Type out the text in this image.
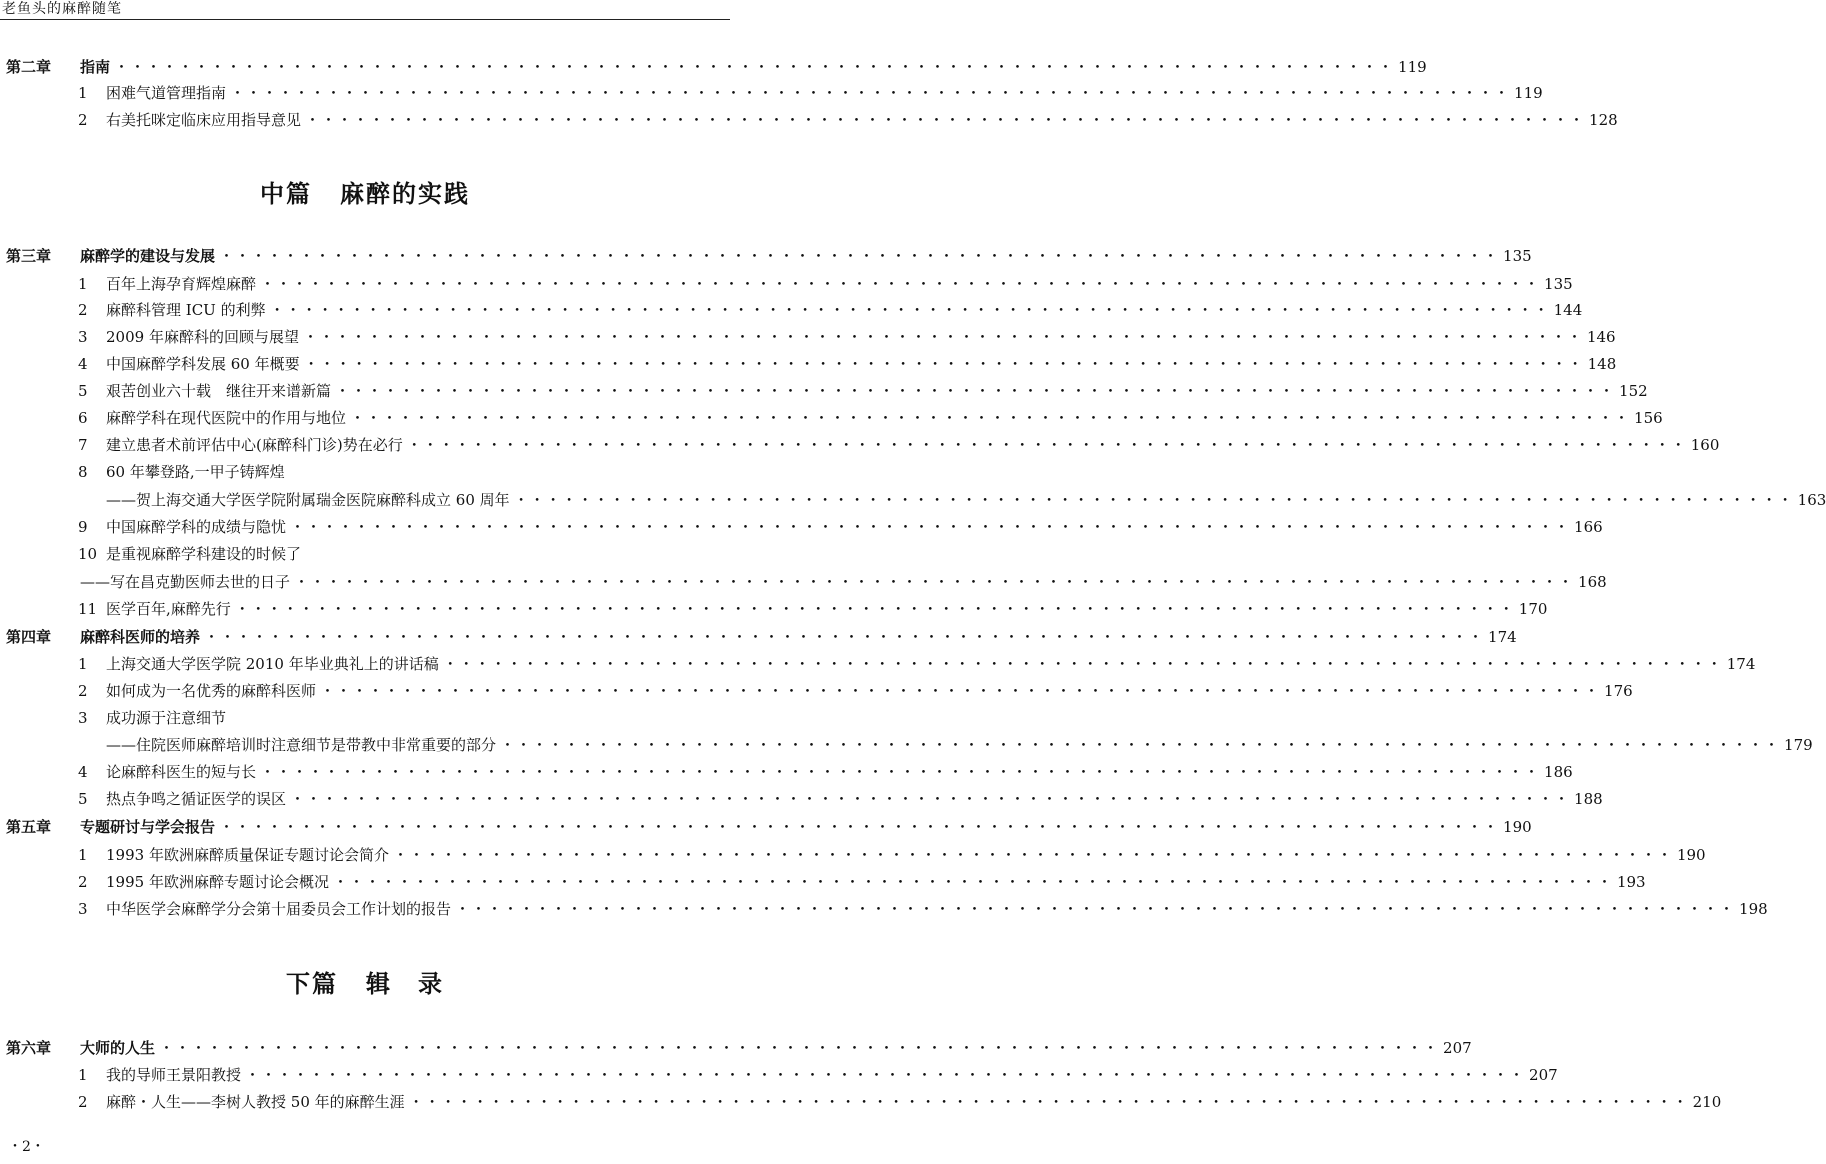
老鱼头的麻醉随笔
中篇 麻醉的实践
下篇 辑　录
第二章	指南 ・・・・・・・・・・・・・・・・・・・・・・・・・・・・・・・・・・・・・・・・・・・・・・・・・・・・・・・・・・・・・・・・・・・・・・・・・・・・・・・・ 119
1	困难气道管理指南 ・・・・・・・・・・・・・・・・・・・・・・・・・・・・・・・・・・・・・・・・・・・・・・・・・・・・・・・・・・・・・・・・・・・・・・・・・・・・・・・・ 119
2	右美托咪定临床应用指导意见 ・・・・・・・・・・・・・・・・・・・・・・・・・・・・・・・・・・・・・・・・・・・・・・・・・・・・・・・・・・・・・・・・・・・・・・・・・・・・・・・・ 128
第三章	麻醉学的建设与发展 ・・・・・・・・・・・・・・・・・・・・・・・・・・・・・・・・・・・・・・・・・・・・・・・・・・・・・・・・・・・・・・・・・・・・・・・・・・・・・・・・ 135
1	百年上海孕育辉煌麻醉 ・・・・・・・・・・・・・・・・・・・・・・・・・・・・・・・・・・・・・・・・・・・・・・・・・・・・・・・・・・・・・・・・・・・・・・・・・・・・・・・・ 135
2	麻醉科管理 ICU 的利弊 ・・・・・・・・・・・・・・・・・・・・・・・・・・・・・・・・・・・・・・・・・・・・・・・・・・・・・・・・・・・・・・・・・・・・・・・・・・・・・・・・ 144
3	2009 年麻醉科的回顾与展望 ・・・・・・・・・・・・・・・・・・・・・・・・・・・・・・・・・・・・・・・・・・・・・・・・・・・・・・・・・・・・・・・・・・・・・・・・・・・・・・・・ 146
4	中国麻醉学科发展 60 年概要 ・・・・・・・・・・・・・・・・・・・・・・・・・・・・・・・・・・・・・・・・・・・・・・・・・・・・・・・・・・・・・・・・・・・・・・・・・・・・・・・・ 148
5	艰苦创业六十载　继往开来谱新篇 ・・・・・・・・・・・・・・・・・・・・・・・・・・・・・・・・・・・・・・・・・・・・・・・・・・・・・・・・・・・・・・・・・・・・・・・・・・・・・・・・ 152
6	麻醉学科在现代医院中的作用与地位 ・・・・・・・・・・・・・・・・・・・・・・・・・・・・・・・・・・・・・・・・・・・・・・・・・・・・・・・・・・・・・・・・・・・・・・・・・・・・・・・・ 156
7	建立患者术前评估中心(麻醉科门诊)势在必行 ・・・・・・・・・・・・・・・・・・・・・・・・・・・・・・・・・・・・・・・・・・・・・・・・・・・・・・・・・・・・・・・・・・・・・・・・・・・・・・・・ 160
8	60 年攀登路,一甲子铸辉煌
——贺上海交通大学医学院附属瑞金医院麻醉科成立 60 周年 ・・・・・・・・・・・・・・・・・・・・・・・・・・・・・・・・・・・・・・・・・・・・・・・・・・・・・・・・・・・・・・・・・・・・・・・・・・・・・・・・ 163
9	中国麻醉学科的成绩与隐忧 ・・・・・・・・・・・・・・・・・・・・・・・・・・・・・・・・・・・・・・・・・・・・・・・・・・・・・・・・・・・・・・・・・・・・・・・・・・・・・・・・ 166
10 是重视麻醉学科建设的时候了
——写在昌克勤医师去世的日子 ・・・・・・・・・・・・・・・・・・・・・・・・・・・・・・・・・・・・・・・・・・・・・・・・・・・・・・・・・・・・・・・・・・・・・・・・・・・・・・・・ 168
11 医学百年,麻醉先行 ・・・・・・・・・・・・・・・・・・・・・・・・・・・・・・・・・・・・・・・・・・・・・・・・・・・・・・・・・・・・・・・・・・・・・・・・・・・・・・・・ 170
第四章	麻醉科医师的培养 ・・・・・・・・・・・・・・・・・・・・・・・・・・・・・・・・・・・・・・・・・・・・・・・・・・・・・・・・・・・・・・・・・・・・・・・・・・・・・・・・ 174
1	上海交通大学医学院 2010 年毕业典礼上的讲话稿 ・・・・・・・・・・・・・・・・・・・・・・・・・・・・・・・・・・・・・・・・・・・・・・・・・・・・・・・・・・・・・・・・・・・・・・・・・・・・・・・・ 174
2	如何成为一名优秀的麻醉科医师 ・・・・・・・・・・・・・・・・・・・・・・・・・・・・・・・・・・・・・・・・・・・・・・・・・・・・・・・・・・・・・・・・・・・・・・・・・・・・・・・・ 176
3	成功源于注意细节
——住院医师麻醉培训时注意细节是带教中非常重要的部分 ・・・・・・・・・・・・・・・・・・・・・・・・・・・・・・・・・・・・・・・・・・・・・・・・・・・・・・・・・・・・・・・・・・・・・・・・・・・・・・・・ 179
4	论麻醉科医生的短与长 ・・・・・・・・・・・・・・・・・・・・・・・・・・・・・・・・・・・・・・・・・・・・・・・・・・・・・・・・・・・・・・・・・・・・・・・・・・・・・・・・ 186
5	热点争鸣之循证医学的误区 ・・・・・・・・・・・・・・・・・・・・・・・・・・・・・・・・・・・・・・・・・・・・・・・・・・・・・・・・・・・・・・・・・・・・・・・・・・・・・・・・ 188
第五章	专题研讨与学会报告 ・・・・・・・・・・・・・・・・・・・・・・・・・・・・・・・・・・・・・・・・・・・・・・・・・・・・・・・・・・・・・・・・・・・・・・・・・・・・・・・・ 190
1	1993 年欧洲麻醉质量保证专题讨论会简介 ・・・・・・・・・・・・・・・・・・・・・・・・・・・・・・・・・・・・・・・・・・・・・・・・・・・・・・・・・・・・・・・・・・・・・・・・・・・・・・・・ 190
2	1995 年欧洲麻醉专题讨论会概况 ・・・・・・・・・・・・・・・・・・・・・・・・・・・・・・・・・・・・・・・・・・・・・・・・・・・・・・・・・・・・・・・・・・・・・・・・・・・・・・・・ 193
3	中华医学会麻醉学分会第十届委员会工作计划的报告 ・・・・・・・・・・・・・・・・・・・・・・・・・・・・・・・・・・・・・・・・・・・・・・・・・・・・・・・・・・・・・・・・・・・・・・・・・・・・・・・・ 198
第六章	大师的人生 ・・・・・・・・・・・・・・・・・・・・・・・・・・・・・・・・・・・・・・・・・・・・・・・・・・・・・・・・・・・・・・・・・・・・・・・・・・・・・・・・ 207
1	我的导师王景阳教授 ・・・・・・・・・・・・・・・・・・・・・・・・・・・・・・・・・・・・・・・・・・・・・・・・・・・・・・・・・・・・・・・・・・・・・・・・・・・・・・・・ 207
2	麻醉・人生——李树人教授 50 年的麻醉生涯 ・・・・・・・・・・・・・・・・・・・・・・・・・・・・・・・・・・・・・・・・・・・・・・・・・・・・・・・・・・・・・・・・・・・・・・・・・・・・・・・・ 210
・2・
